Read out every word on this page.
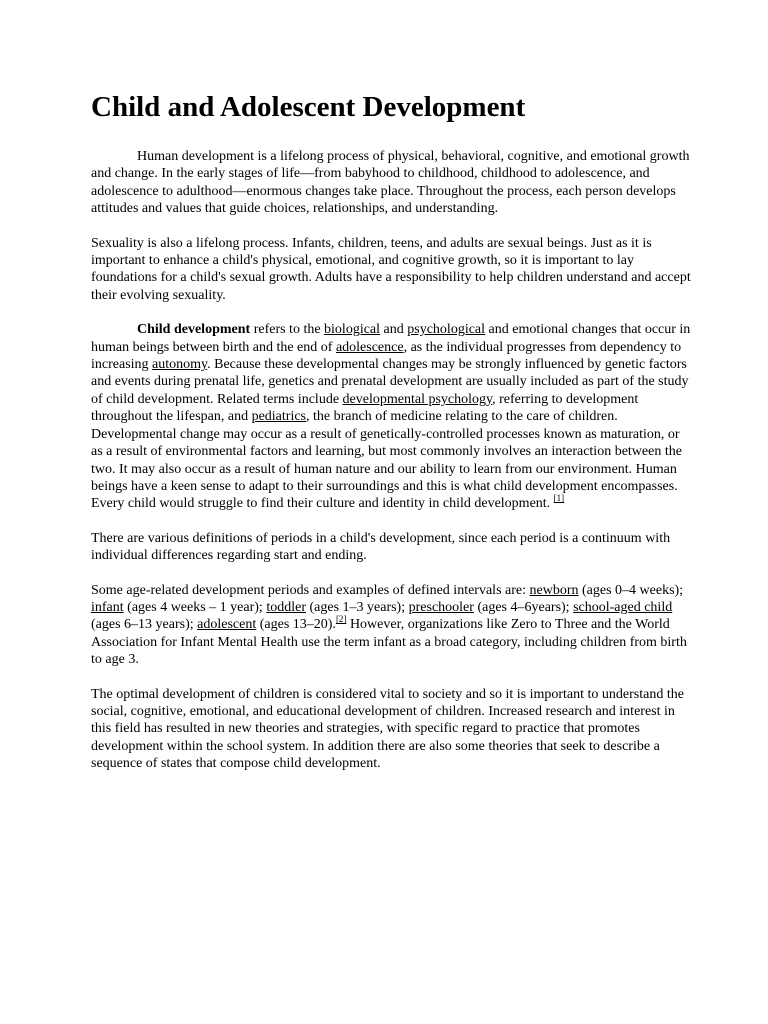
Child and Adolescent Development

Human development is a lifelong process of physical, behavioral, cognitive, and emotional growth and change. In the early stages of life—from babyhood to childhood, childhood to adolescence, and adolescence to adulthood—enormous changes take place. Throughout the process, each person develops attitudes and values that guide choices, relationships, and understanding.

Sexuality is also a lifelong process. Infants, children, teens, and adults are sexual beings. Just as it is important to enhance a child's physical, emotional, and cognitive growth, so it is important to lay foundations for a child's sexual growth. Adults have a responsibility to help children understand and accept their evolving sexuality.

Child development refers to the biological and psychological and emotional changes that occur in human beings between birth and the end of adolescence, as the individual progresses from dependency to increasing autonomy. Because these developmental changes may be strongly influenced by genetic factors and events during prenatal life, genetics and prenatal development are usually included as part of the study of child development. Related terms include developmental psychology, referring to development throughout the lifespan, and pediatrics, the branch of medicine relating to the care of children. Developmental change may occur as a result of genetically-controlled processes known as maturation, or as a result of environmental factors and learning, but most commonly involves an interaction between the two. It may also occur as a result of human nature and our ability to learn from our environment. Human beings have a keen sense to adapt to their surroundings and this is what child development encompasses. Every child would struggle to find their culture and identity in child development. [1]

There are various definitions of periods in a child's development, since each period is a continuum with individual differences regarding start and ending.

Some age-related development periods and examples of defined intervals are: newborn (ages 0–4 weeks); infant (ages 4 weeks – 1 year); toddler (ages 1–3 years); preschooler (ages 4–6years); school-aged child (ages 6–13 years); adolescent (ages 13–20).[2] However, organizations like Zero to Three and the World Association for Infant Mental Health use the term infant as a broad category, including children from birth to age 3.

The optimal development of children is considered vital to society and so it is important to understand the social, cognitive, emotional, and educational development of children. Increased research and interest in this field has resulted in new theories and strategies, with specific regard to practice that promotes development within the school system. In addition there are also some theories that seek to describe a sequence of states that compose child development.
